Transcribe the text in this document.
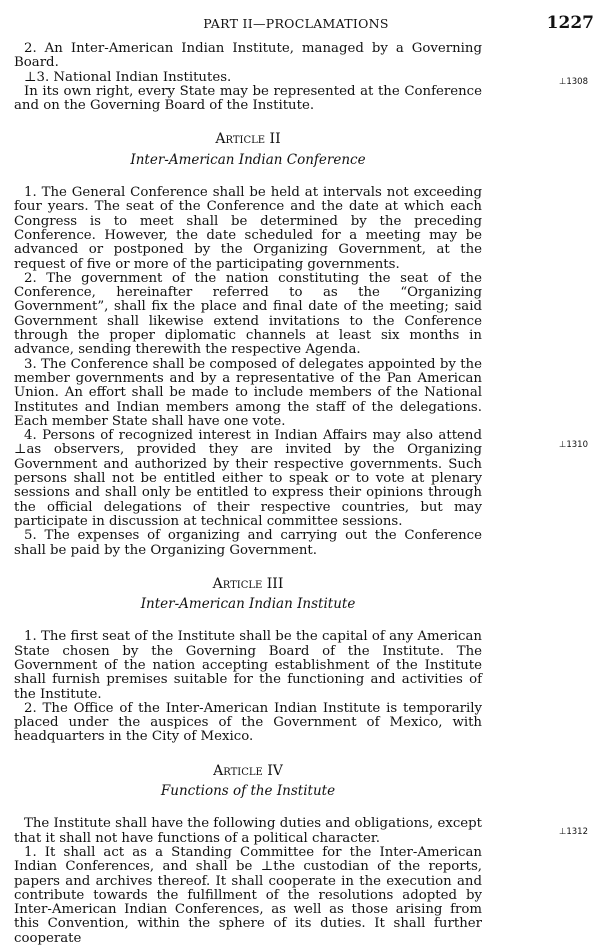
PART II—PROCLAMATIONS	1227
2. An Inter-American Indian Institute, managed by a Governing Board.
⊥3. National Indian Institutes.
In its own right, every State may be represented at the Conference and on the Governing Board of the Institute.
Article II
Inter-American Indian Conference
1. The General Conference shall be held at intervals not exceeding four years. The seat of the Conference and the date at which each Congress is to meet shall be determined by the preceding Conference. However, the date scheduled for a meeting may be advanced or postponed by the Organizing Government, at the request of five or more of the participating governments.
2. The government of the nation constituting the seat of the Conference, hereinafter referred to as the “Organizing Government”, shall fix the place and final date of the meeting; said Government shall likewise extend invitations to the Conference through the proper diplomatic channels at least six months in advance, sending therewith the respective Agenda.
3. The Conference shall be composed of delegates appointed by the member governments and by a representative of the Pan American Union. An effort shall be made to include members of the National Institutes and Indian members among the staff of the delegations. Each member State shall have one vote.
4. Persons of recognized interest in Indian Affairs may also attend ⊥as observers, provided they are invited by the Organizing Government and authorized by their respective governments. Such persons shall not be entitled either to speak or to vote at plenary sessions and shall only be entitled to express their opinions through the official delegations of their respective countries, but may participate in discussion at technical committee sessions.
5. The expenses of organizing and carrying out the Conference shall be paid by the Organizing Government.
Article III
Inter-American Indian Institute
1. The first seat of the Institute shall be the capital of any American State chosen by the Governing Board of the Institute. The Government of the nation accepting establishment of the Institute shall furnish premises suitable for the functioning and activities of the Institute.
2. The Office of the Inter-American Indian Institute is temporarily placed under the auspices of the Government of Mexico, with headquarters in the City of Mexico.
Article IV
Functions of the Institute
The Institute shall have the following duties and obligations, except that it shall not have functions of a political character.
1. It shall act as a Standing Committee for the Inter-American Indian Conferences, and shall be ⊥the custodian of the reports, papers and archives thereof. It shall cooperate in the execution and contribute towards the fulfillment of the resolutions adopted by Inter-American Indian Conferences, as well as those arising from this Convention, within the sphere of its duties. It shall further cooperate
⊥1308
⊥1310
⊥1312
